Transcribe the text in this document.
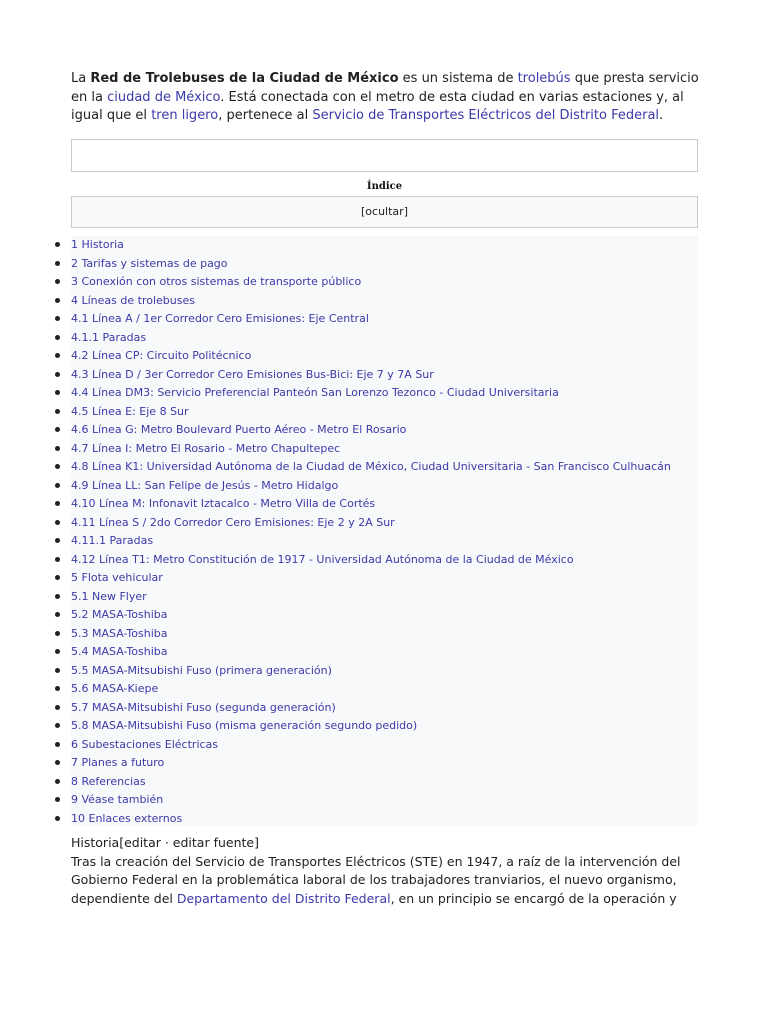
La Red de Trolebuses de la Ciudad de México es un sistema de trolebús que presta servicio en la ciudad de México. Está conectada con el metro de esta ciudad en varias estaciones y, al igual que el tren ligero, pertenece al Servicio de Transportes Eléctricos del Distrito Federal.

Índice
[ocultar]
1 Historia
2 Tarifas y sistemas de pago
3 Conexión con otros sistemas de transporte público
4 Líneas de trolebuses
4.1 Línea A / 1er Corredor Cero Emisiones: Eje Central
4.1.1 Paradas
4.2 Línea CP: Circuito Politécnico
4.3 Línea D / 3er Corredor Cero Emisiones Bus-Bici: Eje 7 y 7A Sur
4.4 Línea DM3: Servicio Preferencial Panteón San Lorenzo Tezonco - Ciudad Universitaria
4.5 Línea E: Eje 8 Sur
4.6 Línea G: Metro Boulevard Puerto Aéreo - Metro El Rosario
4.7 Línea I: Metro El Rosario - Metro Chapultepec
4.8 Línea K1: Universidad Autónoma de la Ciudad de México, Ciudad Universitaria - San Francisco Culhuacán
4.9 Línea LL: San Felipe de Jesús - Metro Hidalgo
4.10 Línea M: Infonavit Iztacalco - Metro Villa de Cortés
4.11 Línea S / 2do Corredor Cero Emisiones: Eje 2 y 2A Sur
4.11.1 Paradas
4.12 Línea T1: Metro Constitución de 1917 - Universidad Autónoma de la Ciudad de México
5 Flota vehicular
5.1 New Flyer
5.2 MASA-Toshiba
5.3 MASA-Toshiba
5.4 MASA-Toshiba
5.5 MASA-Mitsubishi Fuso (primera generación)
5.6 MASA-Kiepe
5.7 MASA-Mitsubishi Fuso (segunda generación)
5.8 MASA-Mitsubishi Fuso (misma generación segundo pedido)
6 Subestaciones Eléctricas
7 Planes a futuro
8 Referencias
9 Véase también
10 Enlaces externos

Historia[editar · editar fuente]
Tras la creación del Servicio de Transportes Eléctricos (STE) en 1947, a raíz de la intervención del Gobierno Federal en la problemática laboral de los trabajadores tranviarios, el nuevo organismo, dependiente del Departamento del Distrito Federal, en un principio se encargó de la operación y
